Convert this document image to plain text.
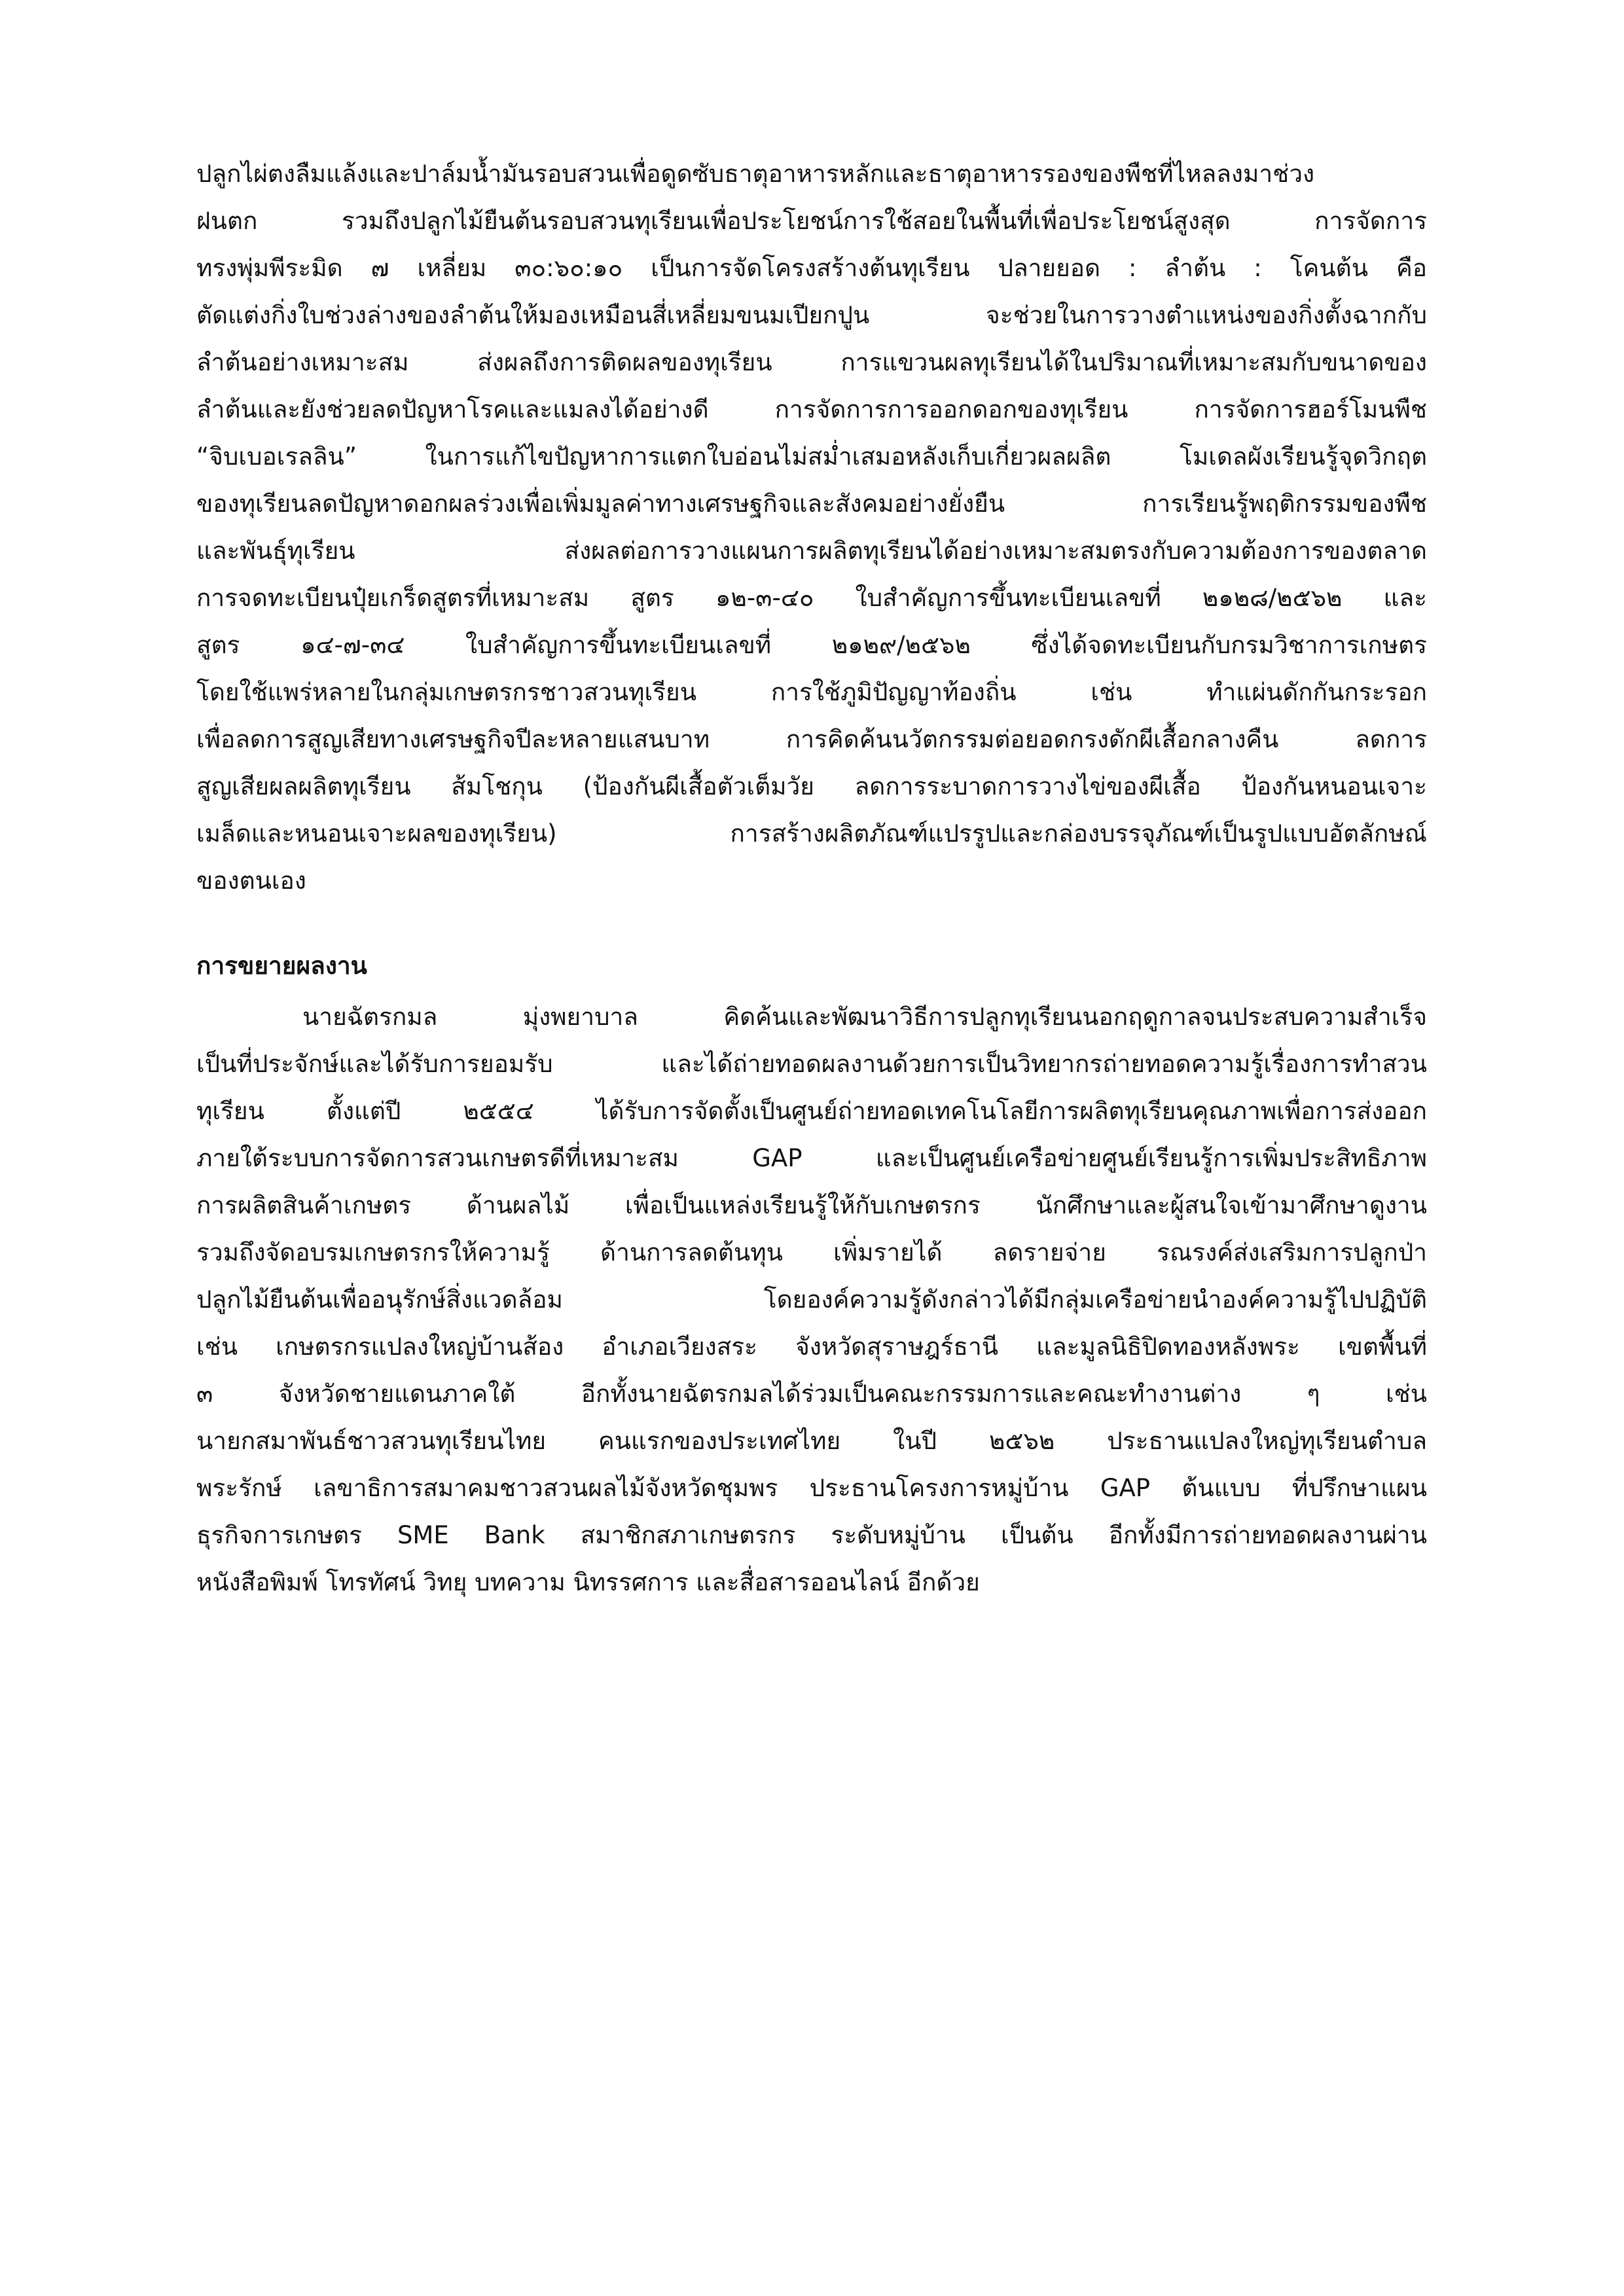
ปลูกไผ่ตงลืมแล้งและปาล์มน้ำมันรอบสวนเพื่อดูดซับธาตุอาหารหลักและธาตุอาหารรองของพืชที่ไหลลงมาช่วง
ฝนตก รวมถึงปลูกไม้ยืนต้นรอบสวนทุเรียนเพื่อประโยชน์การใช้สอยในพื้นที่เพื่อประโยชน์สูงสุด การจัดการ
ทรงพุ่มพีระมิด ๗ เหลี่ยม ๓๐:๖๐:๑๐ เป็นการจัดโครงสร้างต้นทุเรียน ปลายยอด : ลำต้น : โคนต้น คือ
ตัดแต่งกิ่งใบช่วงล่างของลำต้นให้มองเหมือนสี่เหลี่ยมขนมเปียกปูน จะช่วยในการวางตำแหน่งของกิ่งตั้งฉากกับ
ลำต้นอย่างเหมาะสม ส่งผลถึงการติดผลของทุเรียน การแขวนผลทุเรียนได้ในปริมาณที่เหมาะสมกับขนาดของ
ลำต้นและยังช่วยลดปัญหาโรคและแมลงได้อย่างดี การจัดการการออกดอกของทุเรียน การจัดการฮอร์โมนพืช
“จิบเบอเรลลิน” ในการแก้ไขปัญหาการแตกใบอ่อนไม่สม่ำเสมอหลังเก็บเกี่ยวผลผลิต โมเดลผังเรียนรู้จุดวิกฤต
ของทุเรียนลดปัญหาดอกผลร่วงเพื่อเพิ่มมูลค่าทางเศรษฐกิจและสังคมอย่างยั่งยืน การเรียนรู้พฤติกรรมของพืช
และพันธุ์ทุเรียน ส่งผลต่อการวางแผนการผลิตทุเรียนได้อย่างเหมาะสมตรงกับความต้องการของตลาด
การจดทะเบียนปุ๋ยเกร็ดสูตรที่เหมาะสม สูตร ๑๒-๓-๔๐ ใบสำคัญการขึ้นทะเบียนเลขที่ ๒๑๒๘/๒๕๖๒ และ
สูตร ๑๔-๗-๓๔ ใบสำคัญการขึ้นทะเบียนเลขที่ ๒๑๒๙/๒๕๖๒ ซึ่งได้จดทะเบียนกับกรมวิชาการเกษตร
โดยใช้แพร่หลายในกลุ่มเกษตรกรชาวสวนทุเรียน การใช้ภูมิปัญญาท้องถิ่น เช่น ทำแผ่นดักกันกระรอก
เพื่อลดการสูญเสียทางเศรษฐกิจปีละหลายแสนบาท การคิดค้นนวัตกรรมต่อยอดกรงดักผีเสื้อกลางคืน ลดการ
สูญเสียผลผลิตทุเรียน ส้มโชกุน (ป้องกันผีเสื้อตัวเต็มวัย ลดการระบาดการวางไข่ของผีเสื้อ ป้องกันหนอนเจาะ
เมล็ดและหนอนเจาะผลของทุเรียน) การสร้างผลิตภัณฑ์แปรรูปและกล่องบรรจุภัณฑ์เป็นรูปแบบอัตลักษณ์
ของตนเอง
การขยายผลงาน
นายฉัตรกมล มุ่งพยาบาล คิดค้นและพัฒนาวิธีการปลูกทุเรียนนอกฤดูกาลจนประสบความสำเร็จ
เป็นที่ประจักษ์และได้รับการยอมรับ และได้ถ่ายทอดผลงานด้วยการเป็นวิทยากรถ่ายทอดความรู้เรื่องการทำสวน
ทุเรียน ตั้งแต่ปี ๒๕๕๔ ได้รับการจัดตั้งเป็นศูนย์ถ่ายทอดเทคโนโลยีการผลิตทุเรียนคุณภาพเพื่อการส่งออก
ภายใต้ระบบการจัดการสวนเกษตรดีที่เหมาะสม GAP และเป็นศูนย์เครือข่ายศูนย์เรียนรู้การเพิ่มประสิทธิภาพ
การผลิตสินค้าเกษตร ด้านผลไม้ เพื่อเป็นแหล่งเรียนรู้ให้กับเกษตรกร นักศึกษาและผู้สนใจเข้ามาศึกษาดูงาน
รวมถึงจัดอบรมเกษตรกรให้ความรู้ ด้านการลดต้นทุน เพิ่มรายได้ ลดรายจ่าย รณรงค์ส่งเสริมการปลูกป่า
ปลูกไม้ยืนต้นเพื่ออนุรักษ์สิ่งแวดล้อม โดยองค์ความรู้ดังกล่าวได้มีกลุ่มเครือข่ายนำองค์ความรู้ไปปฏิบัติ
เช่น เกษตรกรแปลงใหญ่บ้านส้อง อำเภอเวียงสระ จังหวัดสุราษฎร์ธานี และมูลนิธิปิดทองหลังพระ เขตพื้นที่
๓ จังหวัดชายแดนภาคใต้ อีกทั้งนายฉัตรกมลได้ร่วมเป็นคณะกรรมการและคณะทำงานต่าง ๆ เช่น
นายกสมาพันธ์ชาวสวนทุเรียนไทย คนแรกของประเทศไทย ในปี ๒๕๖๒ ประธานแปลงใหญ่ทุเรียนตำบล
พระรักษ์ เลขาธิการสมาคมชาวสวนผลไม้จังหวัดชุมพร ประธานโครงการหมู่บ้าน GAP ต้นแบบ ที่ปรึกษาแผน
ธุรกิจการเกษตร SME Bank สมาชิกสภาเกษตรกร ระดับหมู่บ้าน เป็นต้น อีกทั้งมีการถ่ายทอดผลงานผ่าน
หนังสือพิมพ์ โทรทัศน์ วิทยุ บทความ นิทรรศการ และสื่อสารออนไลน์ อีกด้วย
